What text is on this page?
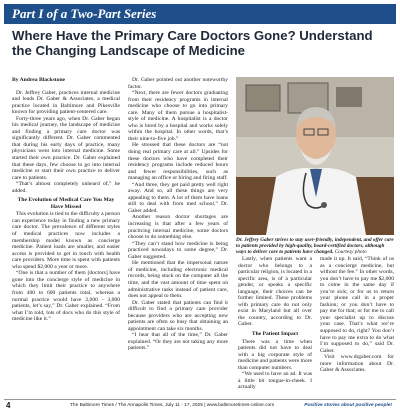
Part I of a Two-Part Series
Where Have the Primary Care Doctors Gone? Understand the Changing Landscape of Medicine

By Andrea Blackstone

Dr. Jeffrey Gaber, practices internal medicine and leads Dr. Gaber & Associates, a medical practice located in Baltimore and Pikesville known for providing patient-centered care.

Forty-three years ago, when Dr. Gaber began his medical journey, the landscape of medicine and finding a primary care doctor was significantly different. Dr. Gaber commented that during his early days of practice, many physicians went into internal medicine. Some started their own practice. Dr. Gaber explained that these days, few choose to go into internal medicine or start their own practice to deliver care to patients.

“That’s almost completely unheard of,” he added.

The Evolution of Medical Care You May Have Missed

This evolution is tied to the difficulty a person can experience today in finding a new primary care doctor. The prevalence of different styles of medical practices now includes a membership model known as concierge medicine. Patient loads are smaller, and easier access is provided to get in touch with health care providers. More time is spent with patients who spend $2,000 a year or more.

“One is that a number of them [doctors] have gone into the concierge style of medicine in which they limit their practice to anywhere from 400 to 600 patients total, whereas a normal practice would have 2,000 - 3,000 patients, let’s say,” Dr. Gaber explained. “From what I’m told, lots of docs who do this style of medicine like it.”

Dr. Gaber pointed out another noteworthy factor.

“Next, there are fewer doctors graduating from their residency programs in internal medicine who choose to go into primary care. Many of them pursue a hospitalist-style of medicine. A hospitalist is a doctor who is hired by a hospital and works solely within the hospital. In other words, that’s their nine-to-five job.”

He stressed that these doctors are “not doing real primary care at all.” Upsides for these doctors who have completed their residency programs include reduced hours and fewer responsibilities, such as managing an office or hiring and firing staff.

“And three, they get paid pretty well right away. And so, all these things are very appealing to them. A lot of them have loans still to deal with from med school,” Dr. Gaber added.

Another reason doctor shortages are increasing is that after a few years of practicing internal medicine, some doctors choose to do something else.

“They can’t stand how medicine is being practiced nowadays to some degree,” Dr. Gaber suggested.

He mentioned that the impersonal nature of medicine, including electronic medical records, being stuck on the computer all the time, and the vast amount of time spent on administrative tasks instead of patient care, does not appeal to them.

Dr. Gaber stated that patients can find it difficult to find a primary care provider because providers who are accepting new patients are often so busy that obtaining an appointment can take six months.

“I hear that all of the time,” Dr. Gaber explained. “Or they are not taking any more patients.”

Dr. Jeffrey Gaber strives to stay user-friendly, independent, and offer care to patients provided by high-quality, board-certified doctors, although ways to deliver care to patients have changed. Courtesy photo

Lastly, when patients want a doctor who belongs to a particular religion, is located in a specific area, is of a particular gender, or speaks a specific language, their choices can be further limited. These problems with primary care do not only exist in Maryland but all over the country, according to Dr. Gaber.

The Patient Impact

There was a time when patients did not have to deal with a big corporate style of medicine and patients were more than computer numbers.

“We used to have an ad. It was a little bit tongue-in-cheek. I actually

made it up. It said, “Think of us as a concierge medicine, but without the fee.” In other words, you don’t have to pay me $2,000 to come in the same day if you’re sick; or for us to return your phone call in a proper fashion; or you don’t have to pay me for that; or for me to call your specialist up to discuss your case. That’s what we’re supposed to do, right? You don’t have to pay me extra to do what I’m supposed to do,” said Dr. Gaber.

Visit www.drgaber.com for more information about Dr. Gaber & Associates.

4	The Baltimore Times / The Annapolis Times, July 11 - 17, 2025 | www.baltimoretimes-online.com	Positive stories about positive people!
